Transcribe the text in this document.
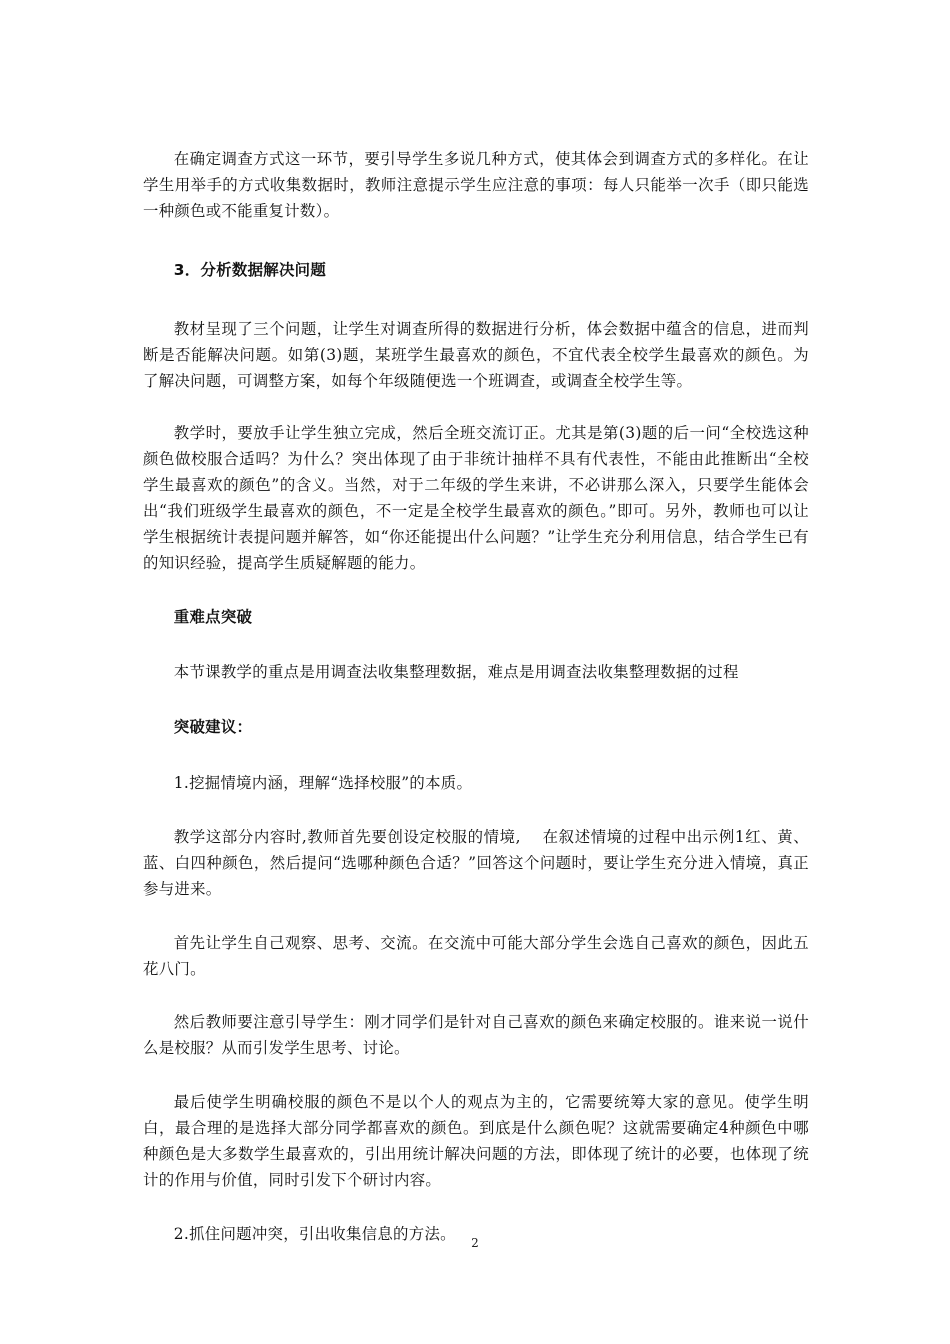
在确定调查方式这一环节，要引导学生多说几种方式，使其体会到调查方式的多样化。在让学生用举手的方式收集数据时，教师注意提示学生应注意的事项：每人只能举一次手（即只能选一种颜色或不能重复计数）。

3．分析数据解决问题

教材呈现了三个问题，让学生对调查所得的数据进行分析，体会数据中蕴含的信息，进而判断是否能解决问题。如第(3)题，某班学生最喜欢的颜色，不宜代表全校学生最喜欢的颜色。为了解决问题，可调整方案，如每个年级随便选一个班调查，或调查全校学生等。

教学时，要放手让学生独立完成，然后全班交流订正。尤其是第(3)题的后一问“全校选这种颜色做校服合适吗？为什么？突出体现了由于非统计抽样不具有代表性，不能由此推断出“全校学生最喜欢的颜色”的含义。当然，对于二年级的学生来讲，不必讲那么深入，只要学生能体会出“我们班级学生最喜欢的颜色，不一定是全校学生最喜欢的颜色。”即可。另外，教师也可以让学生根据统计表提问题并解答，如“你还能提出什么问题？”让学生充分利用信息，结合学生已有的知识经验，提高学生质疑解题的能力。

重难点突破

本节课教学的重点是用调查法收集整理数据，难点是用调查法收集整理数据的过程

突破建议：

1.挖掘情境内涵，理解“选择校服”的本质。

教学这部分内容时,教师首先要创设定校服的情境,　 在叙述情境的过程中出示例1红、黄、蓝、白四种颜色，然后提问“选哪种颜色合适？”回答这个问题时，要让学生充分进入情境，真正参与进来。

首先让学生自己观察、思考、交流。在交流中可能大部分学生会选自己喜欢的颜色，因此五花八门。

然后教师要注意引导学生：刚才同学们是针对自己喜欢的颜色来确定校服的。谁来说一说什么是校服？从而引发学生思考、讨论。

最后使学生明确校服的颜色不是以个人的观点为主的，它需要统筹大家的意见。使学生明白，最合理的是选择大部分同学都喜欢的颜色。到底是什么颜色呢？这就需要确定4种颜色中哪种颜色是大多数学生最喜欢的，引出用统计解决问题的方法，即体现了统计的必要，也体现了统计的作用与价值，同时引发下个研讨内容。

2.抓住问题冲突，引出收集信息的方法。	2
